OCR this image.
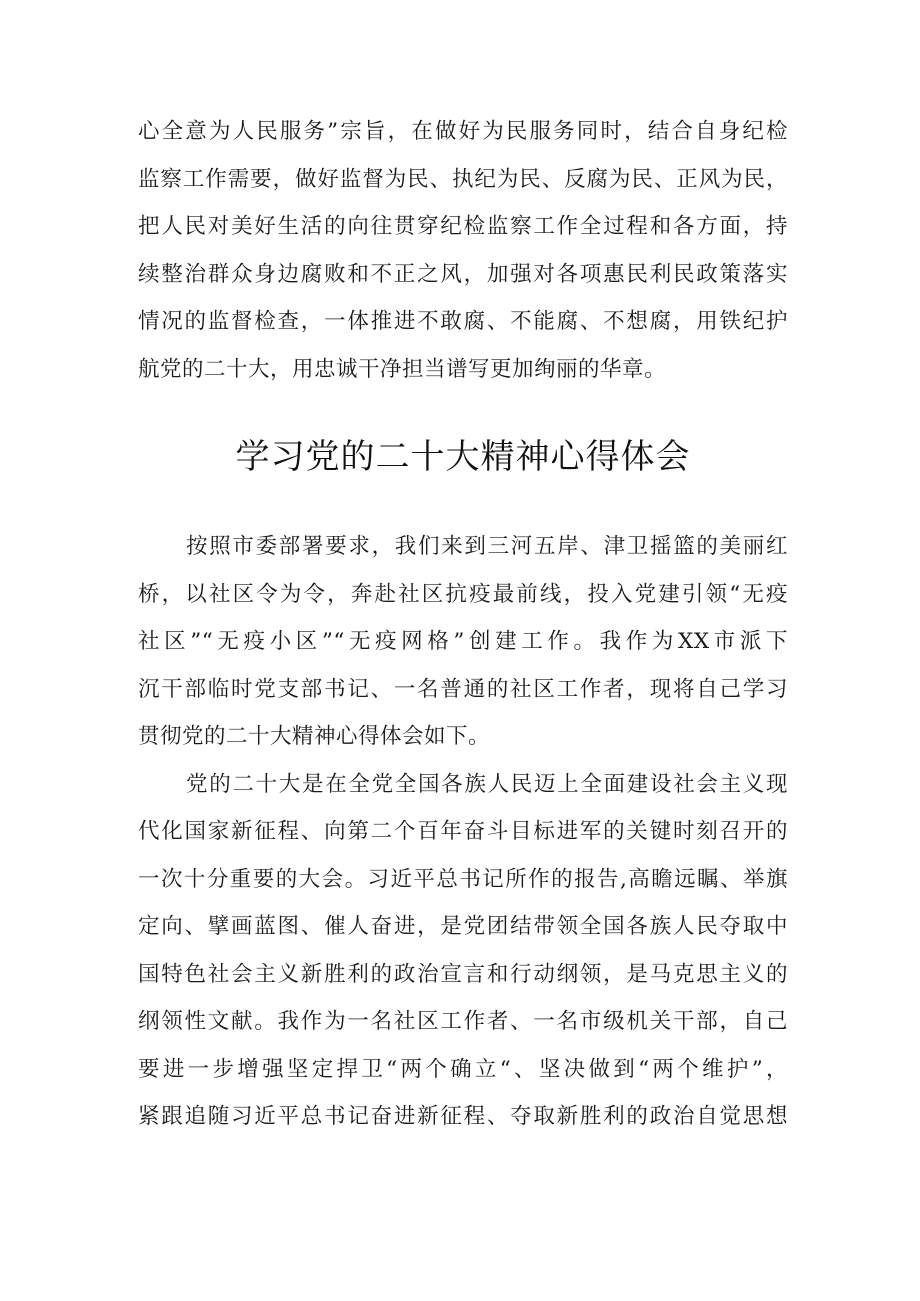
心全意为人民服务”宗旨，在做好为民服务同时，结合自身纪检
监察工作需要，做好监督为民、执纪为民、反腐为民、正风为民，
把人民对美好生活的向往贯穿纪检监察工作全过程和各方面，持
续整治群众身边腐败和不正之风，加强对各项惠民利民政策落实
情况的监督检查，一体推进不敢腐、不能腐、不想腐，用铁纪护
航党的二十大，用忠诚干净担当谱写更加绚丽的华章。
学习党的二十大精神心得体会
按照市委部署要求，我们来到三河五岸、津卫摇篮的美丽红
桥，以社区令为令，奔赴社区抗疫最前线，投入党建引领“无疫
社区”“无疫小区”“无疫网格”创建工作。我作为XX市派下
沉干部临时党支部书记、一名普通的社区工作者，现将自己学习
贯彻党的二十大精神心得体会如下。
党的二十大是在全党全国各族人民迈上全面建设社会主义现
代化国家新征程、向第二个百年奋斗目标进军的关键时刻召开的
一次十分重要的大会。习近平总书记所作的报告,高瞻远瞩、举旗
定向、擘画蓝图、催人奋进，是党团结带领全国各族人民夺取中
国特色社会主义新胜利的政治宣言和行动纲领，是马克思主义的
纲领性文献。我作为一名社区工作者、一名市级机关干部，自己
要进一步增强坚定捍卫“两个确立“、坚决做到“两个维护”，
紧跟追随习近平总书记奋进新征程、夺取新胜利的政治自觉思想
